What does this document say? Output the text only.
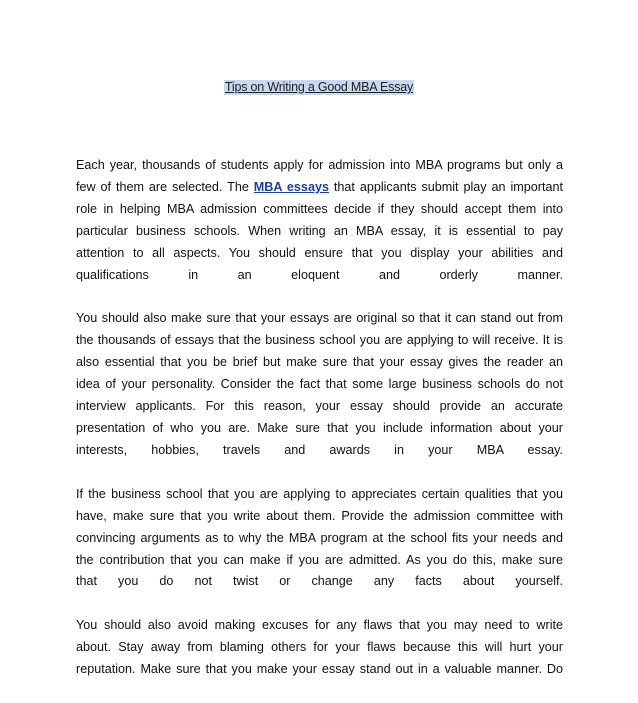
Tips on Writing a Good MBA Essay
Each year, thousands of students apply for admission into MBA programs but only a
few of them are selected. The MBA essays that applicants submit play an important
role in helping MBA admission committees decide if they should accept them into
particular business schools. When writing an MBA essay, it is essential to pay
attention to all aspects. You should ensure that you display your abilities and
qualifications in an eloquent and orderly manner.
You should also make sure that your essays are original so that it can stand out from
the thousands of essays that the business school you are applying to will receive. It is
also essential that you be brief but make sure that your essay gives the reader an
idea of your personality. Consider the fact that some large business schools do not
interview applicants. For this reason, your essay should provide an accurate
presentation of who you are. Make sure that you include information about your
interests, hobbies, travels and awards in your MBA essay.
If the business school that you are applying to appreciates certain qualities that you
have, make sure that you write about them. Provide the admission committee with
convincing arguments as to why the MBA program at the school fits your needs and
the contribution that you can make if you are admitted. As you do this, make sure
that you do not twist or change any facts about yourself.
You should also avoid making excuses for any flaws that you may need to write
about. Stay away from blaming others for your flaws because this will hurt your
reputation. Make sure that you make your essay stand out in a valuable manner. Do
